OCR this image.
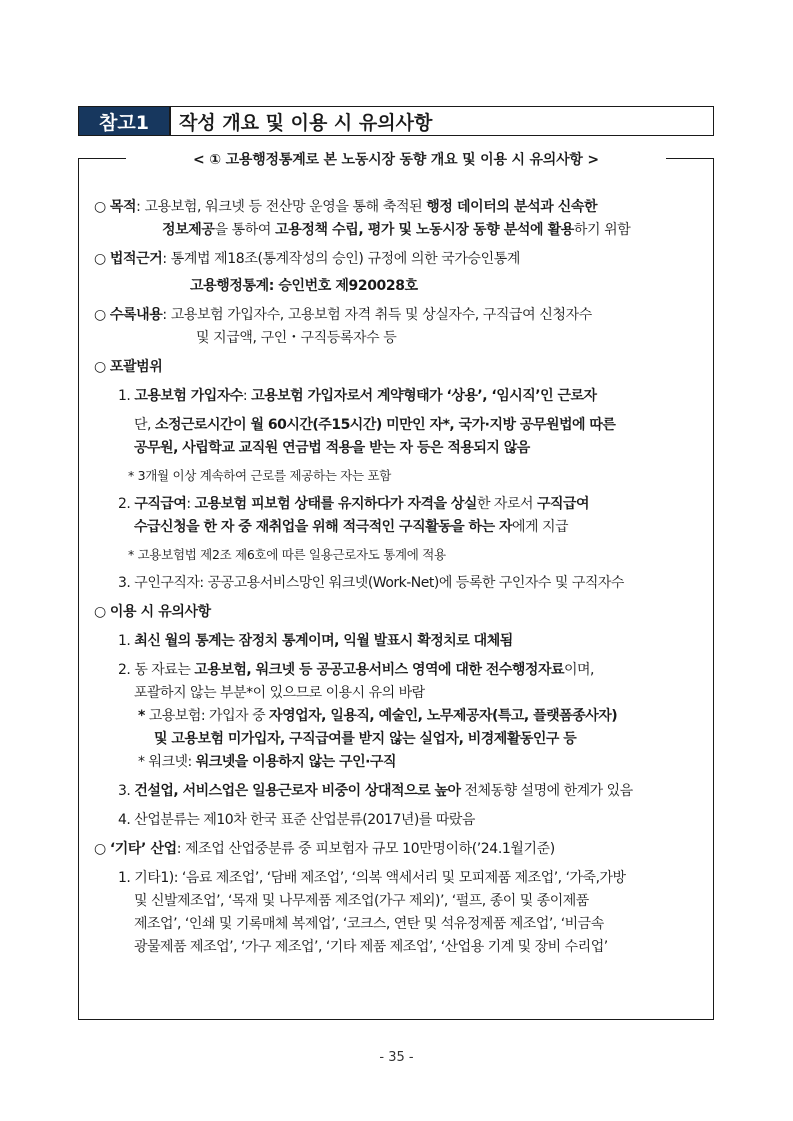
참고1	작성 개요 및 이용 시 유의사항
< ① 고용행정통계로 본 노동시장 동향 개요 및 이용 시 유의사항 >
○ 목적: 고용보험, 워크넷 등 전산망 운영을 통해 축적된 행정 데이터의 분석과 신속한
정보제공을 통하여 고용정책 수립, 평가 및 노동시장 동향 분석에 활용하기 위함
○ 법적근거: 통계법 제18조(통계작성의 승인) 규정에 의한 국가승인통계
고용행정통계: 승인번호 제920028호
○ 수록내용: 고용보험 가입자수, 고용보험 자격 취득 및 상실자수, 구직급여 신청자수
및 지급액, 구인・구직등록자수 등
○ 포괄범위
1. 고용보험 가입자수: 고용보험 가입자로서 계약형태가 ‘상용’, ‘임시직’인 근로자
단, 소정근로시간이 월 60시간(주15시간) 미만인 자*, 국가·지방 공무원법에 따른
공무원, 사립학교 교직원 연금법 적용을 받는 자 등은 적용되지 않음
* 3개월 이상 계속하여 근로를 제공하는 자는 포함
2. 구직급여: 고용보험 피보험 상태를 유지하다가 자격을 상실한 자로서 구직급여
수급신청을 한 자 중 재취업을 위해 적극적인 구직활동을 하는 자에게 지급
* 고용보험법 제2조 제6호에 따른 일용근로자도 통계에 적용
3. 구인구직자: 공공고용서비스망인 워크넷(Work-Net)에 등록한 구인자수 및 구직자수
○ 이용 시 유의사항
1. 최신 월의 통계는 잠정치 통계이며, 익월 발표시 확정치로 대체됨
2. 동 자료는 고용보험, 워크넷 등 공공고용서비스 영역에 대한 전수행정자료이며,
포괄하지 않는 부분*이 있으므로 이용시 유의 바람
* 고용보험: 가입자 중 자영업자, 일용직, 예술인, 노무제공자(특고, 플랫폼종사자)
및 고용보험 미가입자, 구직급여를 받지 않는 실업자, 비경제활동인구 등
* 워크넷: 워크넷을 이용하지 않는 구인·구직
3. 건설업, 서비스업은 일용근로자 비중이 상대적으로 높아 전체동향 설명에 한계가 있음
4. 산업분류는 제10차 한국 표준 산업분류(2017년)를 따랐음
○ ‘기타’ 산업: 제조업 산업중분류 중 피보험자 규모 10만명이하(’24.1월기준)
1. 기타1): ‘음료 제조업’, ‘담배 제조업’, ‘의복 액세서리 및 모피제품 제조업’, ‘가죽,가방
및 신발제조업’, ‘목재 및 나무제품 제조업(가구 제외)’, ‘펄프, 종이 및 종이제품
제조업’, ‘인쇄 및 기록매체 복제업’, ‘코크스, 연탄 및 석유정제품 제조업’, ‘비금속
광물제품 제조업’, ‘가구 제조업’, ‘기타 제품 제조업’, ‘산업용 기계 및 장비 수리업’
- 35 -
